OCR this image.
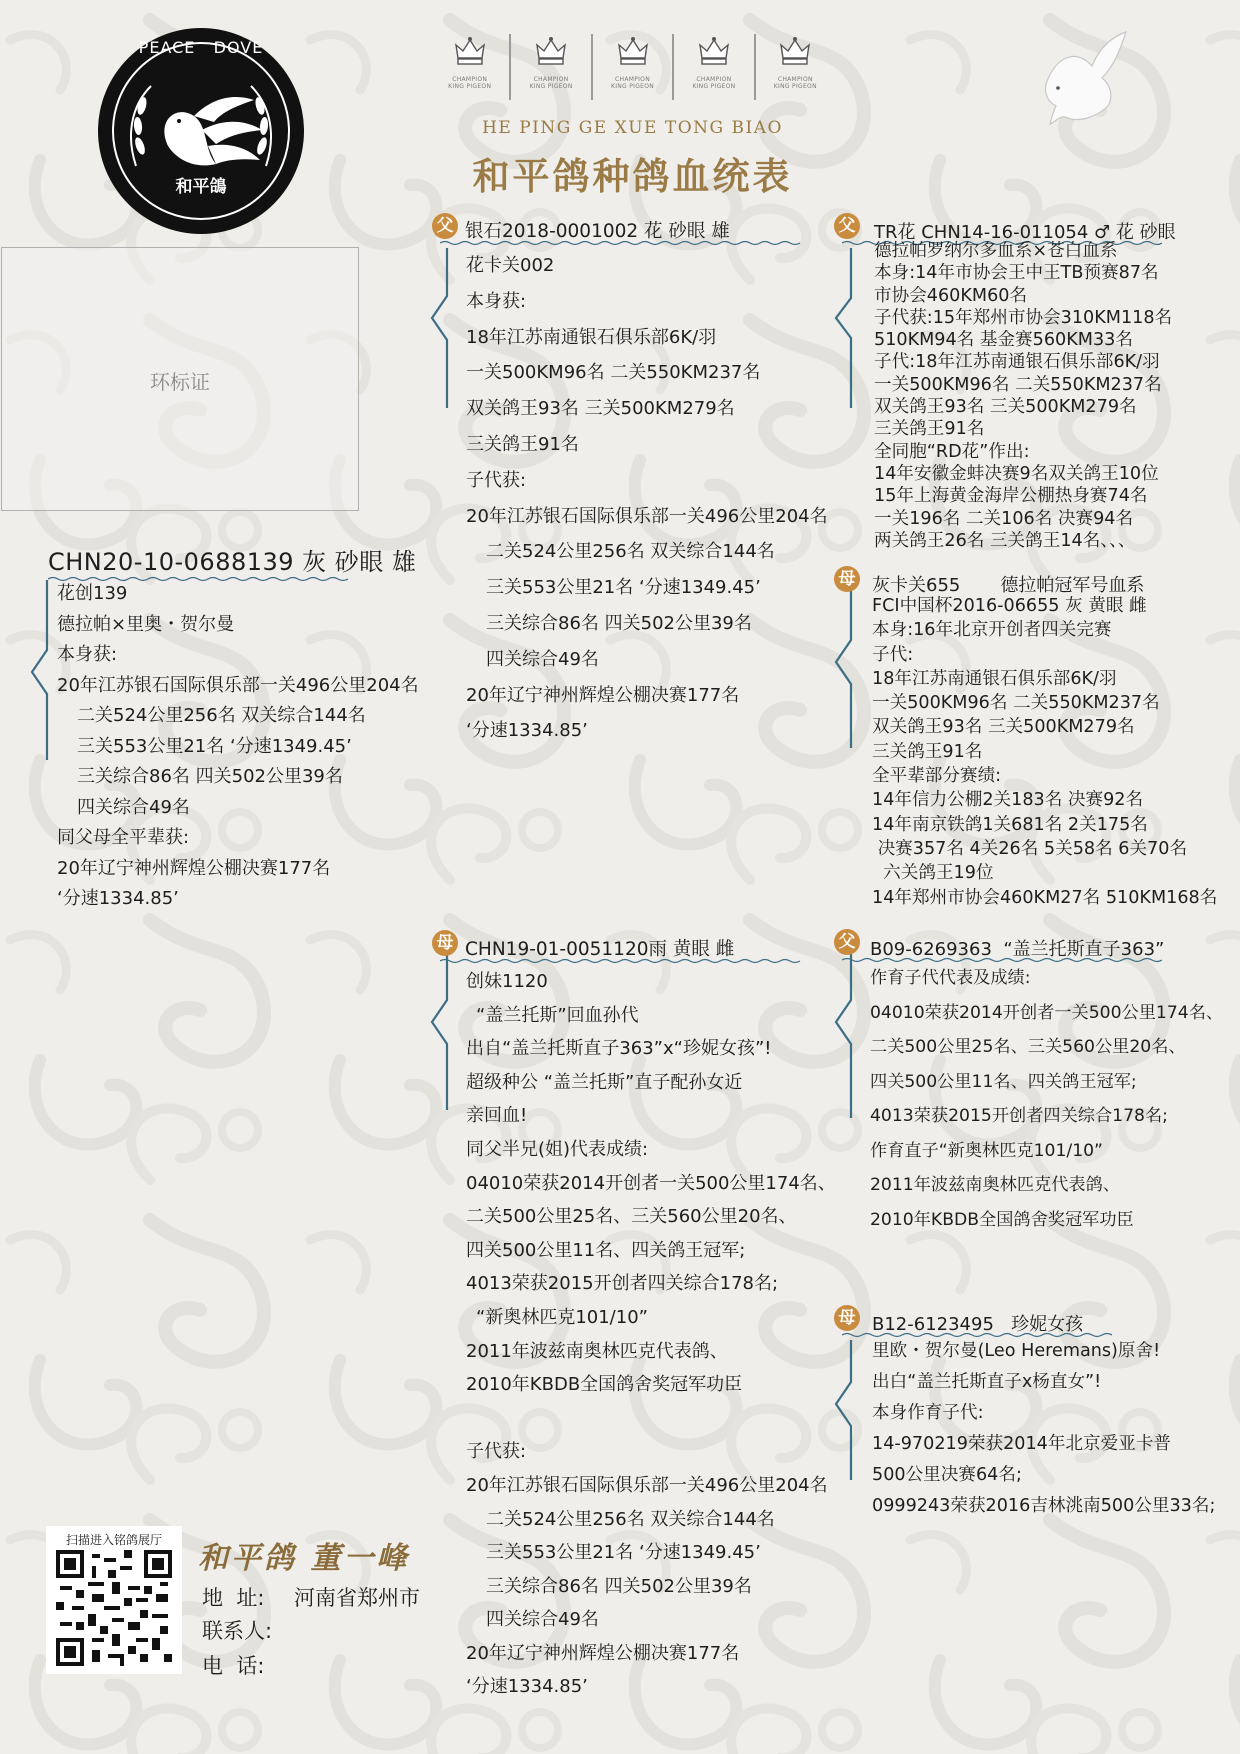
PEACE   DOVE
和平鴿
CHAMPION
KING PIGEON
CHAMPION
KING PIGEON
CHAMPION
KING PIGEON
CHAMPION
KING PIGEON
CHAMPION
KING PIGEON
HE PING GE XUE TONG BIAO
和平鸽种鸽血统表
环标证
CHN20-10-0688139 灰 砂眼 雄
花创139
德拉帕×里奥・贺尔曼
本身获:
20年江苏银石国际俱乐部一关496公里204名
二关524公里256名 双关综合144名
三关553公里21名 ‘分速1349.45’
三关综合86名 四关502公里39名
四关综合49名
同父母全平辈获:
20年辽宁神州辉煌公棚决赛177名
‘分速1334.85’
父 银石2018-0001002 花 砂眼 雄
花卡关002
本身获:
18年江苏南通银石俱乐部6K/羽
一关500KM96名 二关550KM237名
双关鸽王93名 三关500KM279名
三关鸽王91名
子代获:
20年江苏银石国际俱乐部一关496公里204名
二关524公里256名 双关综合144名
三关553公里21名 ‘分速1349.45’
三关综合86名 四关502公里39名
四关综合49名
20年辽宁神州辉煌公棚决赛177名
‘分速1334.85’
母 CHN19-01-0051120雨 黄眼 雌
创妹1120
“盖兰托斯”回血孙代
出自“盖兰托斯直子363”x“珍妮女孩”!
超级种公 “盖兰托斯”直子配孙女近
亲回血!
同父半兄(姐)代表成绩:
04010荣获2014开创者一关500公里174名、
二关500公里25名、三关560公里20名、
四关500公里11名、四关鸽王冠军;
4013荣获2015开创者四关综合178名;
“新奥林匹克101/10”
2011年波兹南奥林匹克代表鸽、
2010年KBDB全国鸽舍奖冠军功臣
子代获:
20年江苏银石国际俱乐部一关496公里204名
二关524公里256名 双关综合144名
三关553公里21名 ‘分速1349.45’
三关综合86名 四关502公里39名
四关综合49名
20年辽宁神州辉煌公棚决赛177名
‘分速1334.85’
父 TR花 CHN14-16-011054 ♂ 花 砂眼
德拉帕罗纳尔多血系×苍白血系
本身:14年市协会王中王TB预赛87名
市协会460KM60名
子代获:15年郑州市协会310KM118名
510KM94名 基金赛560KM33名
子代:18年江苏南通银石俱乐部6K/羽
一关500KM96名 二关550KM237名
双关鸽王93名 三关500KM279名
三关鸽王91名
全同胞“RD花”作出:
14年安徽金蚌决赛9名双关鸽王10位
15年上海黄金海岸公棚热身赛74名
一关196名 二关106名 决赛94名
两关鸽王26名 三关鸽王14名、、、
母 灰卡关655       德拉帕冠军号血系
FCI中国杯2016-06655 灰 黄眼 雌
本身:16年北京开创者四关完赛
子代:
18年江苏南通银石俱乐部6K/羽
一关500KM96名 二关550KM237名
双关鸽王93名 三关500KM279名
三关鸽王91名
全平辈部分赛绩:
14年信力公棚2关183名 决赛92名
14年南京铁鸽1关681名 2关175名
决赛357名 4关26名 5关58名 6关70名
六关鸽王19位
14年郑州市协会460KM27名 510KM168名
父 B09-6269363  “盖兰托斯直子363”
作育子代代表及成绩:
04010荣获2014开创者一关500公里174名、
二关500公里25名、三关560公里20名、
四关500公里11名、四关鸽王冠军;
4013荣获2015开创者四关综合178名;
作育直子“新奥林匹克101/10”
2011年波兹南奥林匹克代表鸽、
2010年KBDB全国鸽舍奖冠军功臣
母 B12-6123495   珍妮女孩
里欧・贺尔曼(Leo Heremans)原舍!
出白“盖兰托斯直子x杨直女”!
本身作育子代:
14-970219荣获2014年北京爱亚卡普
500公里决赛64名;
0999243荣获2016吉林洮南500公里33名;
扫描进入铭鸽展厅
和平鸽 董一峰
地  址: 河南省郑州市
联系人:
电  话:
